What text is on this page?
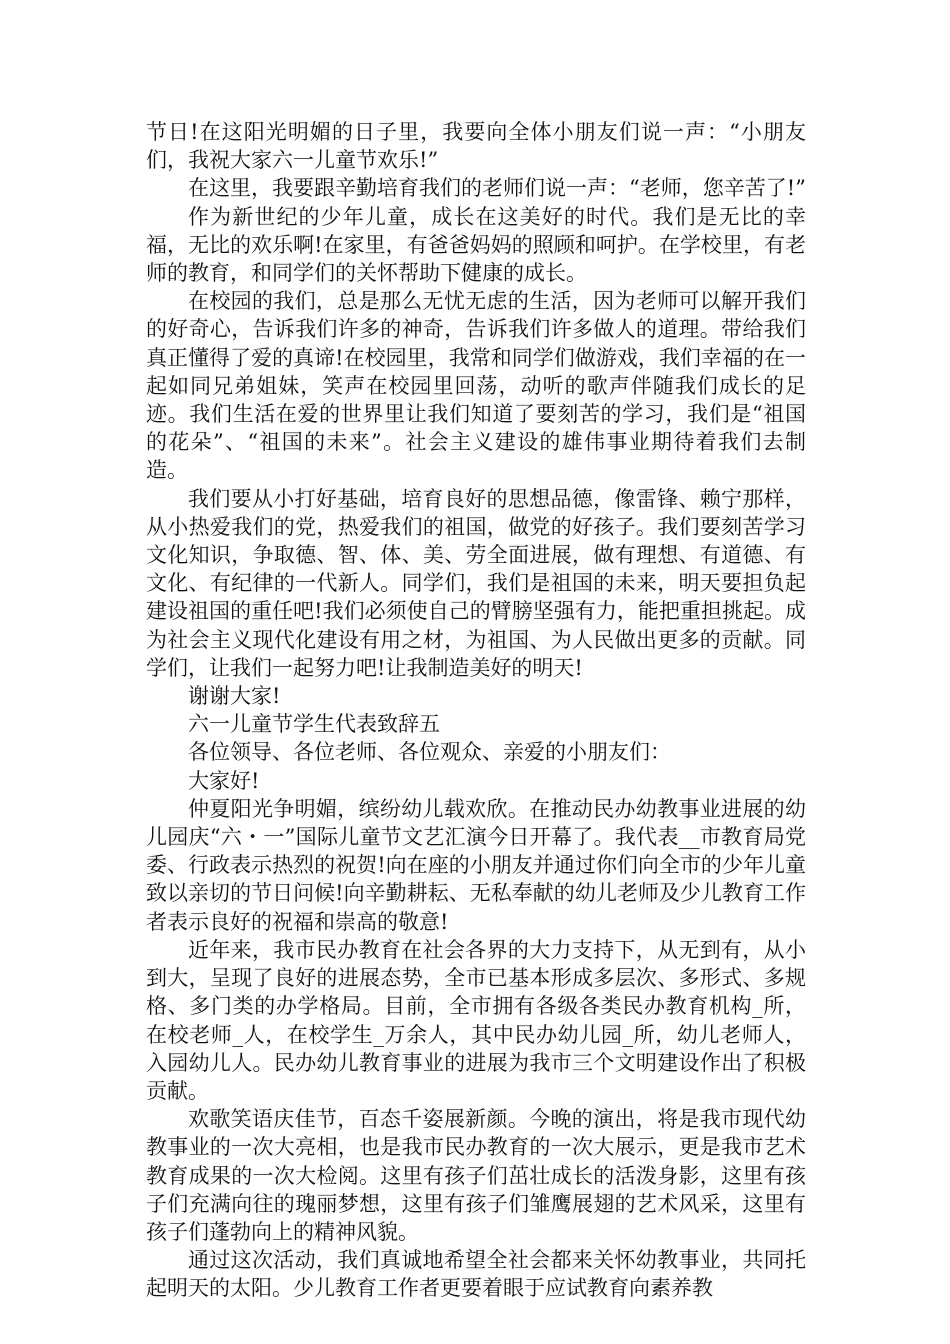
节日!在这阳光明媚的日子里，我要向全体小朋友们说一声：“小朋友们，我祝大家六一儿童节欢乐!”

在这里，我要跟辛勤培育我们的老师们说一声：“老师，您辛苦了!”

作为新世纪的少年儿童，成长在这美好的时代。我们是无比的幸福，无比的欢乐啊!在家里，有爸爸妈妈的照顾和呵护。在学校里，有老师的教育，和同学们的关怀帮助下健康的成长。

在校园的我们，总是那么无忧无虑的生活，因为老师可以解开我们的好奇心，告诉我们许多的神奇，告诉我们许多做人的道理。带给我们真正懂得了爱的真谛!在校园里，我常和同学们做游戏，我们幸福的在一起如同兄弟姐妹，笑声在校园里回荡，动听的歌声伴随我们成长的足迹。我们生活在爱的世界里让我们知道了要刻苦的学习，我们是“祖国的花朵”、“祖国的未来”。社会主义建设的雄伟事业期待着我们去制造。

我们要从小打好基础，培育良好的思想品德，像雷锋、赖宁那样，从小热爱我们的党，热爱我们的祖国，做党的好孩子。我们要刻苦学习文化知识，争取德、智、体、美、劳全面进展，做有理想、有道德、有文化、有纪律的一代新人。同学们，我们是祖国的未来，明天要担负起建设祖国的重任吧!我们必须使自己的臂膀坚强有力，能把重担挑起。成为社会主义现代化建设有用之材，为祖国、为人民做出更多的贡献。同学们，让我们一起努力吧!让我制造美好的明天!

谢谢大家!

六一儿童节学生代表致辞五

各位领导、各位老师、各位观众、亲爱的小朋友们：

大家好!

仲夏阳光争明媚，缤纷幼儿载欢欣。在推动民办幼教事业进展的幼儿园庆“六・一”国际儿童节文艺汇演今日开幕了。我代表__市教育局党委、行政表示热烈的祝贺!向在座的小朋友并通过你们向全市的少年儿童致以亲切的节日问候!向辛勤耕耘、无私奉献的幼儿老师及少儿教育工作者表示良好的祝福和崇高的敬意!

近年来，我市民办教育在社会各界的大力支持下，从无到有，从小到大，呈现了良好的进展态势，全市已基本形成多层次、多形式、多规格、多门类的办学格局。目前，全市拥有各级各类民办教育机构_所，在校老师_人，在校学生_万余人，其中民办幼儿园_所，幼儿老师人，入园幼儿人。民办幼儿教育事业的进展为我市三个文明建设作出了积极贡献。

欢歌笑语庆佳节，百态千姿展新颜。今晚的演出，将是我市现代幼教事业的一次大亮相，也是我市民办教育的一次大展示，更是我市艺术教育成果的一次大检阅。这里有孩子们茁壮成长的活泼身影，这里有孩子们充满向往的瑰丽梦想，这里有孩子们雏鹰展翅的艺术风采，这里有孩子们蓬勃向上的精神风貌。

通过这次活动，我们真诚地希望全社会都来关怀幼教事业，共同托起明天的太阳。少儿教育工作者更要着眼于应试教育向素养教
